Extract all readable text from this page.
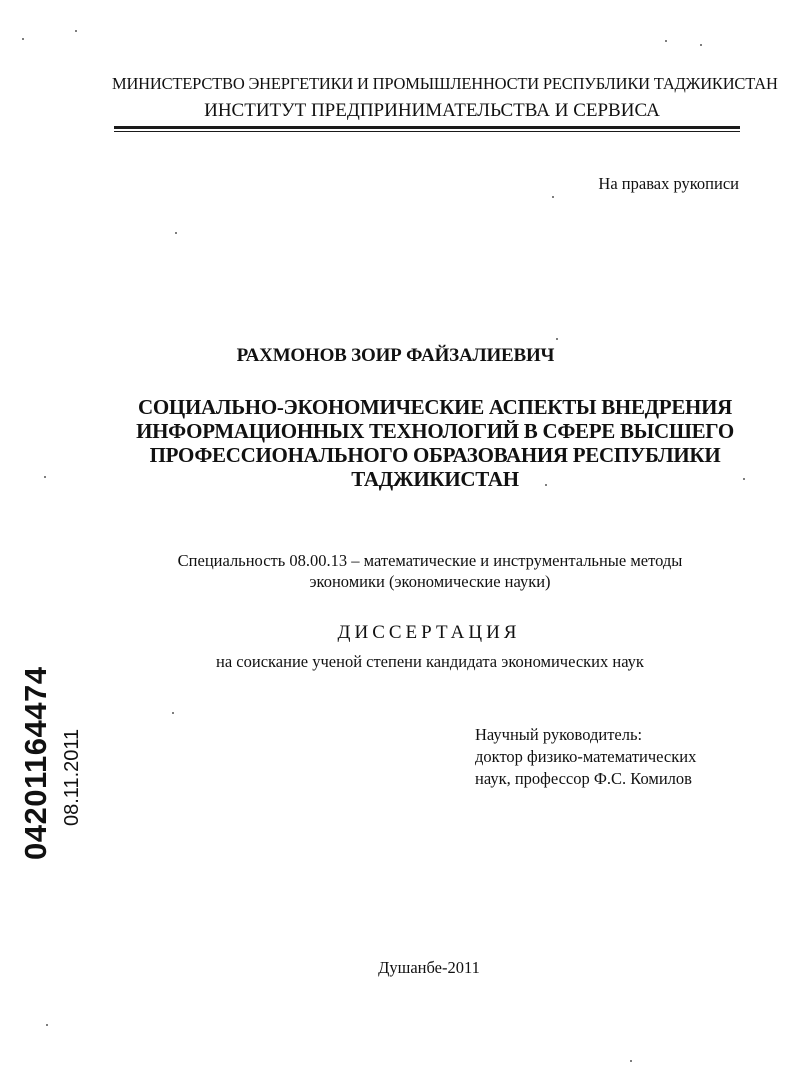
МИНИСТЕРСТВО ЭНЕРГЕТИКИ И ПРОМЫШЛЕННОСТИ РЕСПУБЛИКИ ТАДЖИКИСТАН
ИНСТИТУТ ПРЕДПРИНИМАТЕЛЬСТВА И СЕРВИСА
На правах рукописи
РАХМОНОВ ЗОИР ФАЙЗАЛИЕВИЧ
СОЦИАЛЬНО-ЭКОНОМИЧЕСКИЕ АСПЕКТЫ ВНЕДРЕНИЯ
ИНФОРМАЦИОННЫХ ТЕХНОЛОГИЙ В СФЕРЕ ВЫСШЕГО
ПРОФЕССИОНАЛЬНОГО ОБРАЗОВАНИЯ РЕСПУБЛИКИ
ТАДЖИКИСТАН
Специальность 08.00.13 – математические и инструментальные методы
экономики (экономические науки)
ДИССЕРТАЦИЯ
на соискание ученой степени кандидата экономических наук
Научный руководитель:
доктор физико-математических
наук, профессор Ф.С. Комилов
Душанбе-2011
04201164474 08.11.2011
